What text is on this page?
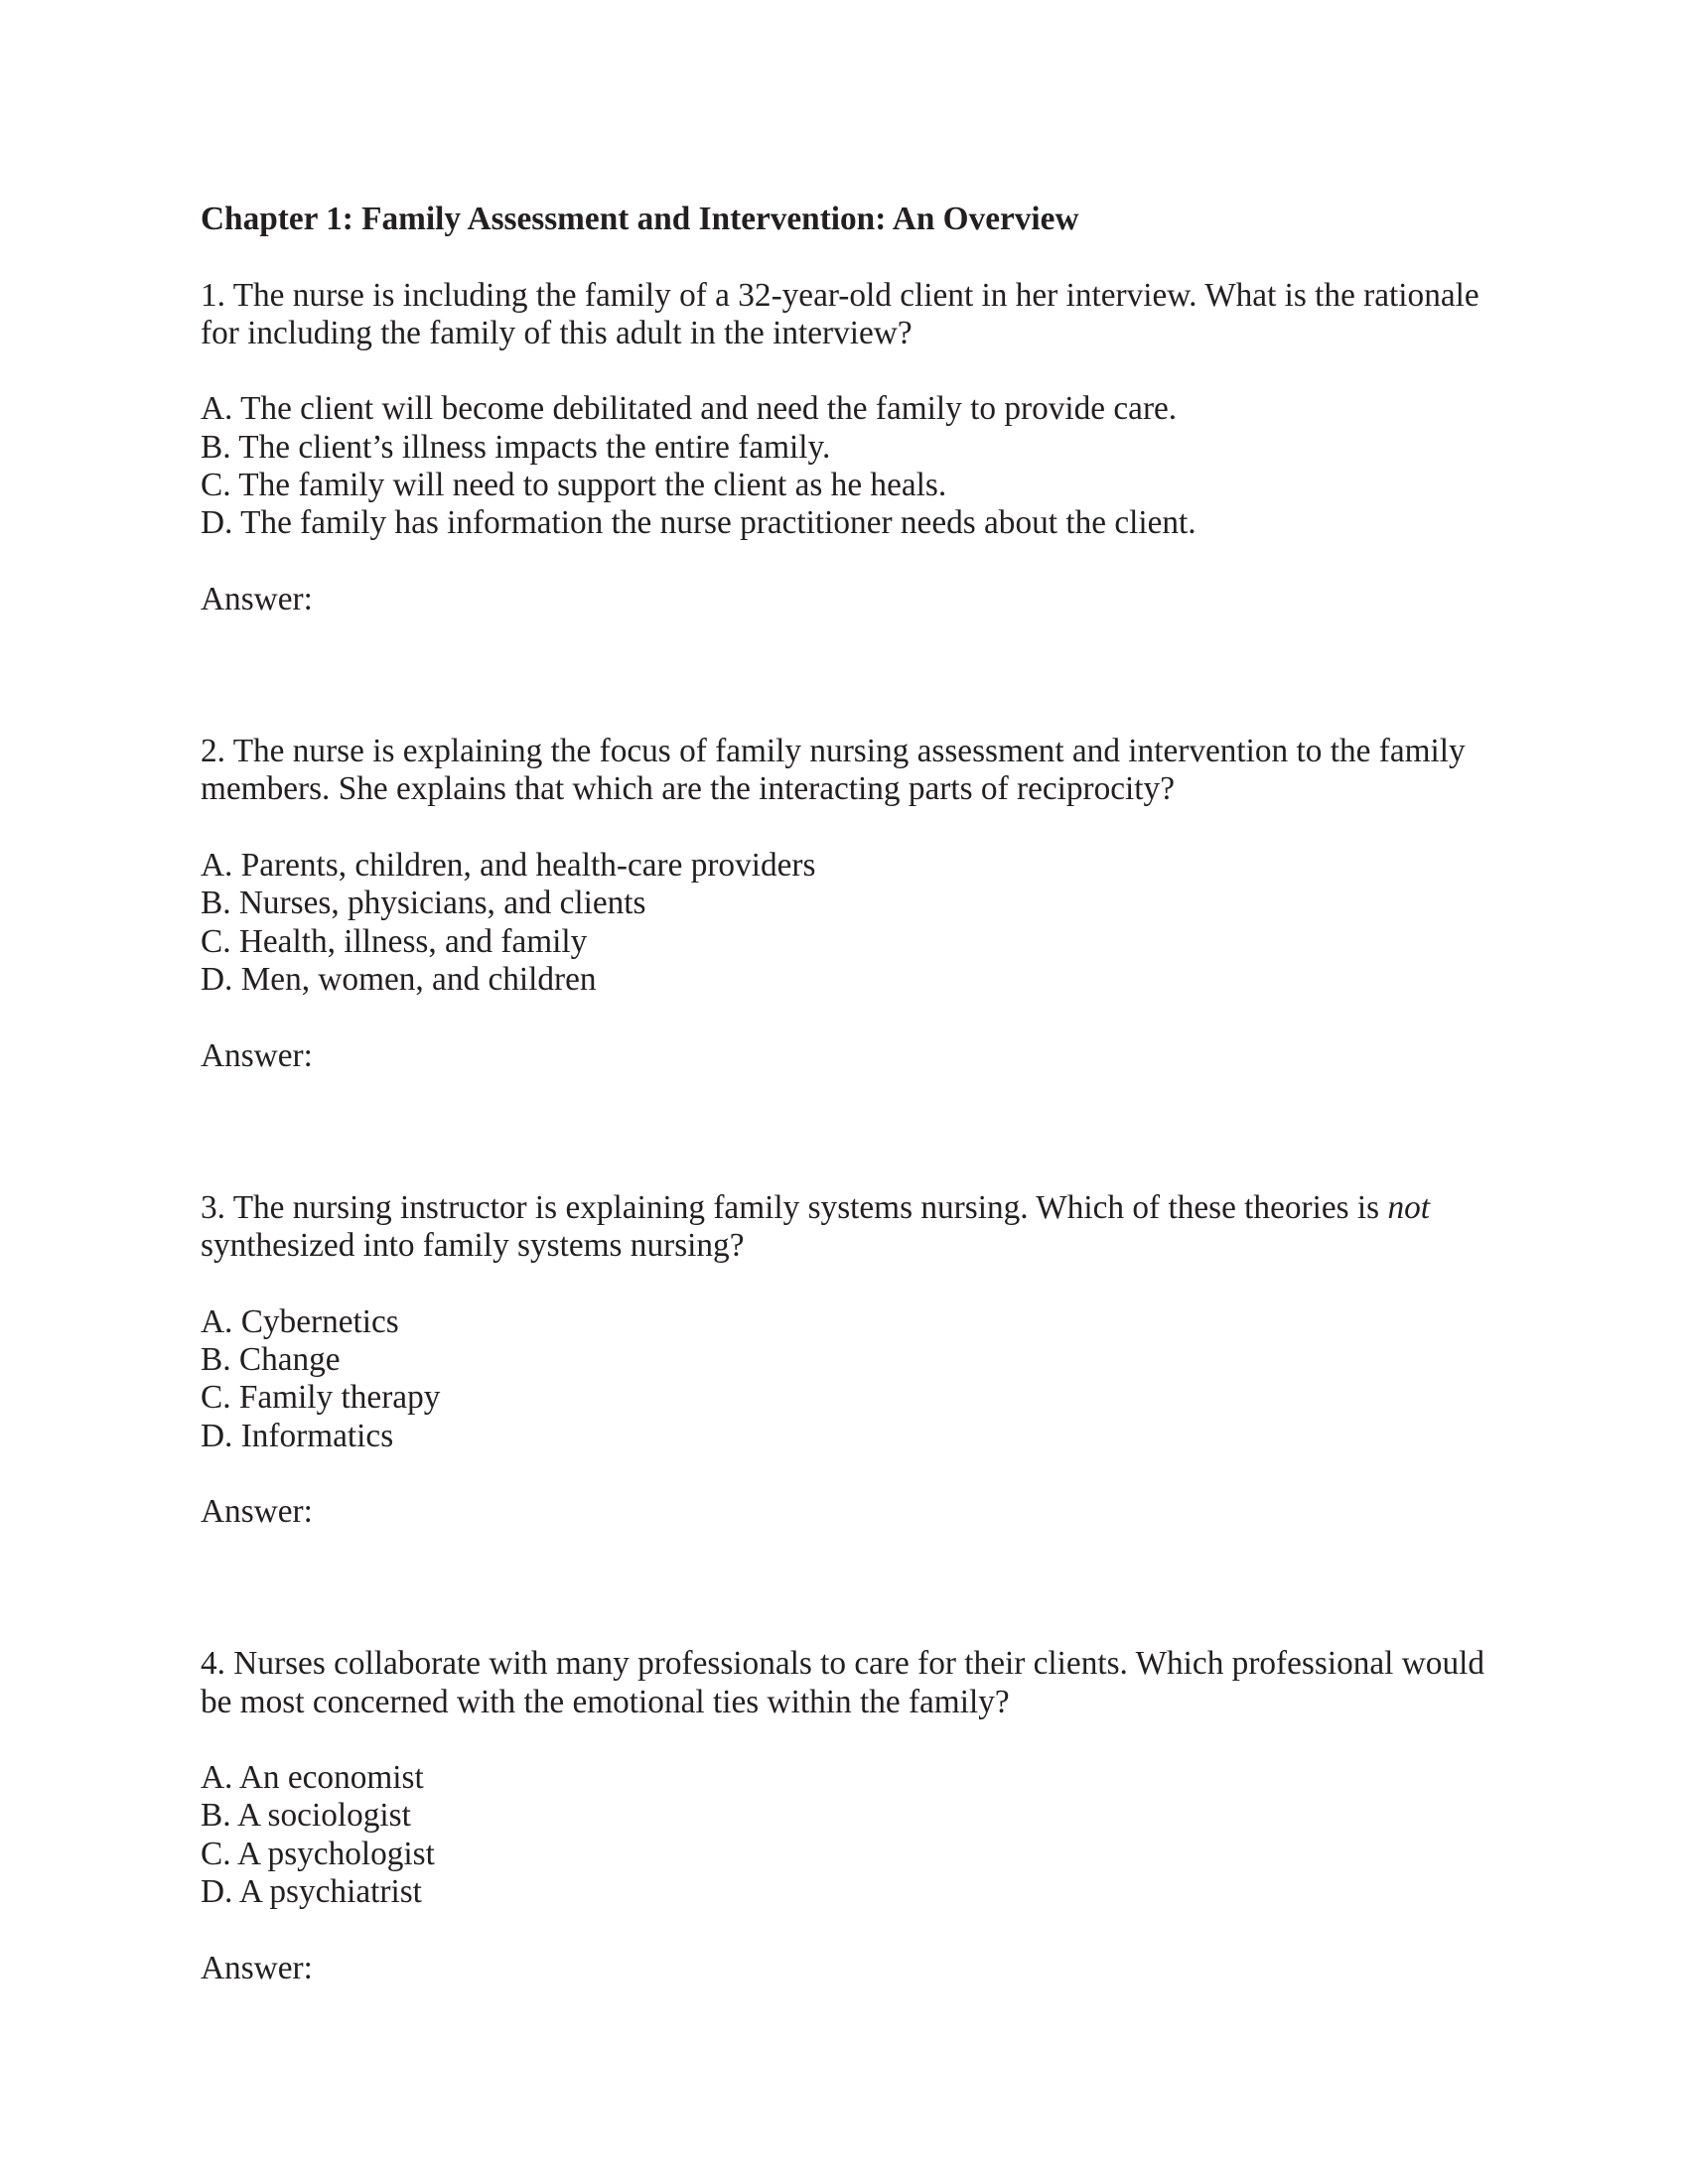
Chapter 1: Family Assessment and Intervention: An Overview
1. The nurse is including the family of a 32-year-old client in her interview. What is the rationale
for including the family of this adult in the interview?
A. The client will become debilitated and need the family to provide care.
B. The client’s illness impacts the entire family.
C. The family will need to support the client as he heals.
D. The family has information the nurse practitioner needs about the client.
Answer:
2. The nurse is explaining the focus of family nursing assessment and intervention to the family
members. She explains that which are the interacting parts of reciprocity?
A. Parents, children, and health-care providers
B. Nurses, physicians, and clients
C. Health, illness, and family
D. Men, women, and children
Answer:
3. The nursing instructor is explaining family systems nursing. Which of these theories is not
synthesized into family systems nursing?
A. Cybernetics
B. Change
C. Family therapy
D. Informatics
Answer:
4. Nurses collaborate with many professionals to care for their clients. Which professional would
be most concerned with the emotional ties within the family?
A. An economist
B. A sociologist
C. A psychologist
D. A psychiatrist
Answer:
